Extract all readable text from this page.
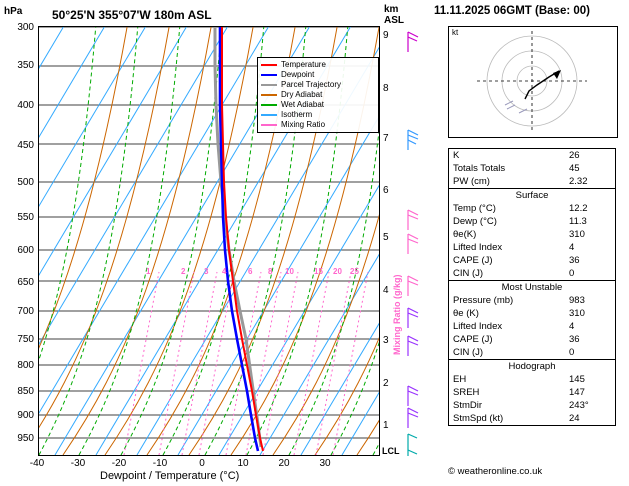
hPa 50°25'N 355°07'W 180m ASL	km
ASL
300
350
400
450
500
550
600
650
700
750
800
850
900
950
9
8
7
6
5
4
3
2
1
LCL
Mixing Ratio (g/kg)
-40	-30	-20	-10	0	10	20	30
Dewpoint / Temperature (°C)
1	2 3 4	6 8 10	15 20 25
Temperature
Dewpoint
Parcel Trajectory
Dry Adiabat
Wet Adiabat
Isotherm
Mixing Ratio
11.11.2025 06GMT (Base: 00)
kt
K	26
Totals Totals	45
PW (cm)	2.32
Surface
Temp (°C)	12.2
Dewp (°C)	11.3
θe(K)	310
Lifted Index	4
CAPE (J)	36
CIN (J)	0
Most Unstable
Pressure (mb)	983
θe (K)	310
Lifted Index	4
CAPE (J)	36
CIN (J)	0
Hodograph
EH	145
SREH	147
StmDir	243°
StmSpd (kt)	24
© weatheronline.co.uk
